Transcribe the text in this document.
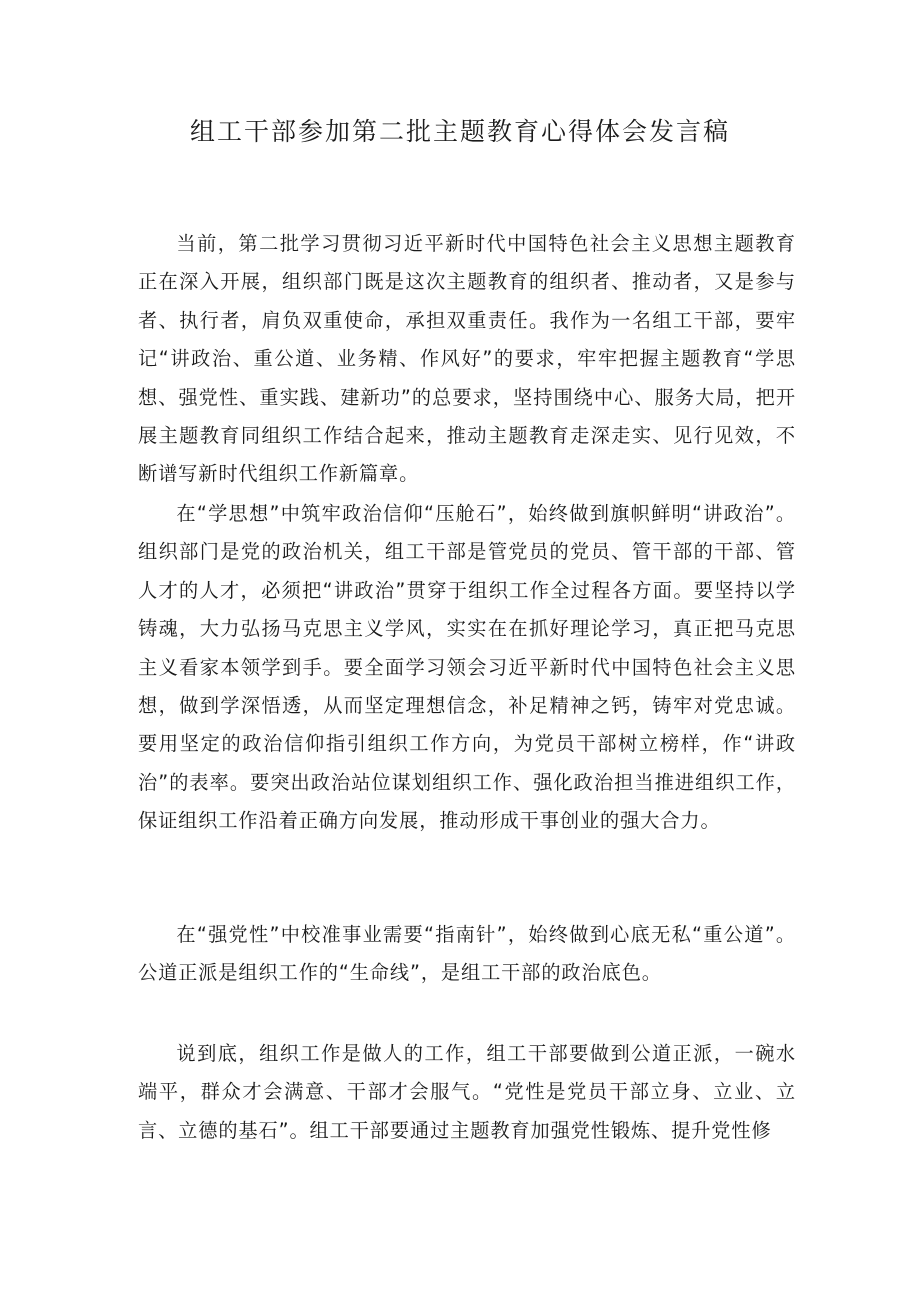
组工干部参加第二批主题教育心得体会发言稿

当前，第二批学习贯彻习近平新时代中国特色社会主义思想主题教育正在深入开展，组织部门既是这次主题教育的组织者、推动者，又是参与者、执行者，肩负双重使命，承担双重责任。我作为一名组工干部，要牢记“讲政治、重公道、业务精、作风好”的要求，牢牢把握主题教育“学思想、强党性、重实践、建新功”的总要求，坚持围绕中心、服务大局，把开展主题教育同组织工作结合起来，推动主题教育走深走实、见行见效，不断谱写新时代组织工作新篇章。

在“学思想”中筑牢政治信仰“压舱石”，始终做到旗帜鲜明“讲政治”。组织部门是党的政治机关，组工干部是管党员的党员、管干部的干部、管人才的人才，必须把“讲政治”贯穿于组织工作全过程各方面。要坚持以学铸魂，大力弘扬马克思主义学风，实实在在抓好理论学习，真正把马克思主义看家本领学到手。要全面学习领会习近平新时代中国特色社会主义思想，做到学深悟透，从而坚定理想信念，补足精神之钙，铸牢对党忠诚。要用坚定的政治信仰指引组织工作方向，为党员干部树立榜样，作“讲政治”的表率。要突出政治站位谋划组织工作、强化政治担当推进组织工作，保证组织工作沿着正确方向发展，推动形成干事创业的强大合力。

在“强党性”中校准事业需要“指南针”，始终做到心底无私“重公道”。公道正派是组织工作的“生命线”，是组工干部的政治底色。

说到底，组织工作是做人的工作，组工干部要做到公道正派，一碗水端平，群众才会满意、干部才会服气。“党性是党员干部立身、立业、立言、立德的基石”。组工干部要通过主题教育加强党性锻炼、提升党性修
